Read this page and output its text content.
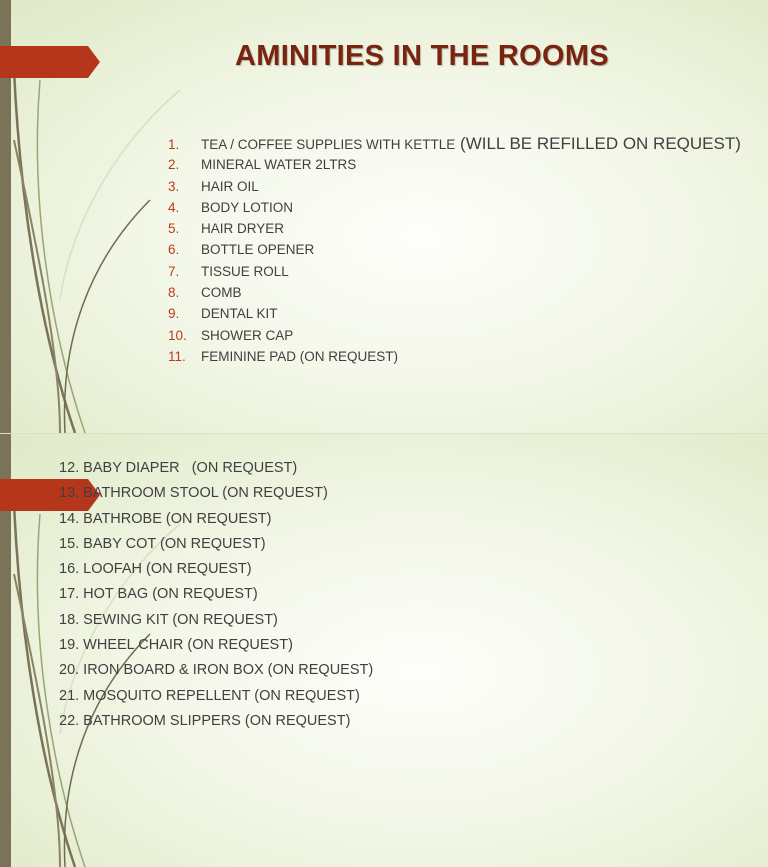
AMINITIES IN THE ROOMS
1. TEA / COFFEE SUPPLIES WITH KETTLE (WILL BE REFILLED ON REQUEST)
2. MINERAL WATER 2LTRS
3. HAIR OIL
4. BODY LOTION
5. HAIR DRYER
6. BOTTLE OPENER
7. TISSUE ROLL
8. COMB
9. DENTAL KIT
10. SHOWER CAP
11. FEMININE PAD (ON REQUEST)
12. BABY DIAPER   (ON REQUEST)
13. BATHROOM STOOL (ON REQUEST)
14. BATHROBE (ON REQUEST)
15. BABY COT (ON REQUEST)
16. LOOFAH (ON REQUEST)
17. HOT BAG (ON REQUEST)
18. SEWING KIT (ON REQUEST)
19. WHEEL CHAIR (ON REQUEST)
20. IRON BOARD & IRON BOX (ON REQUEST)
21. MOSQUITO REPELLENT (ON REQUEST)
22. BATHROOM SLIPPERS (ON REQUEST)
